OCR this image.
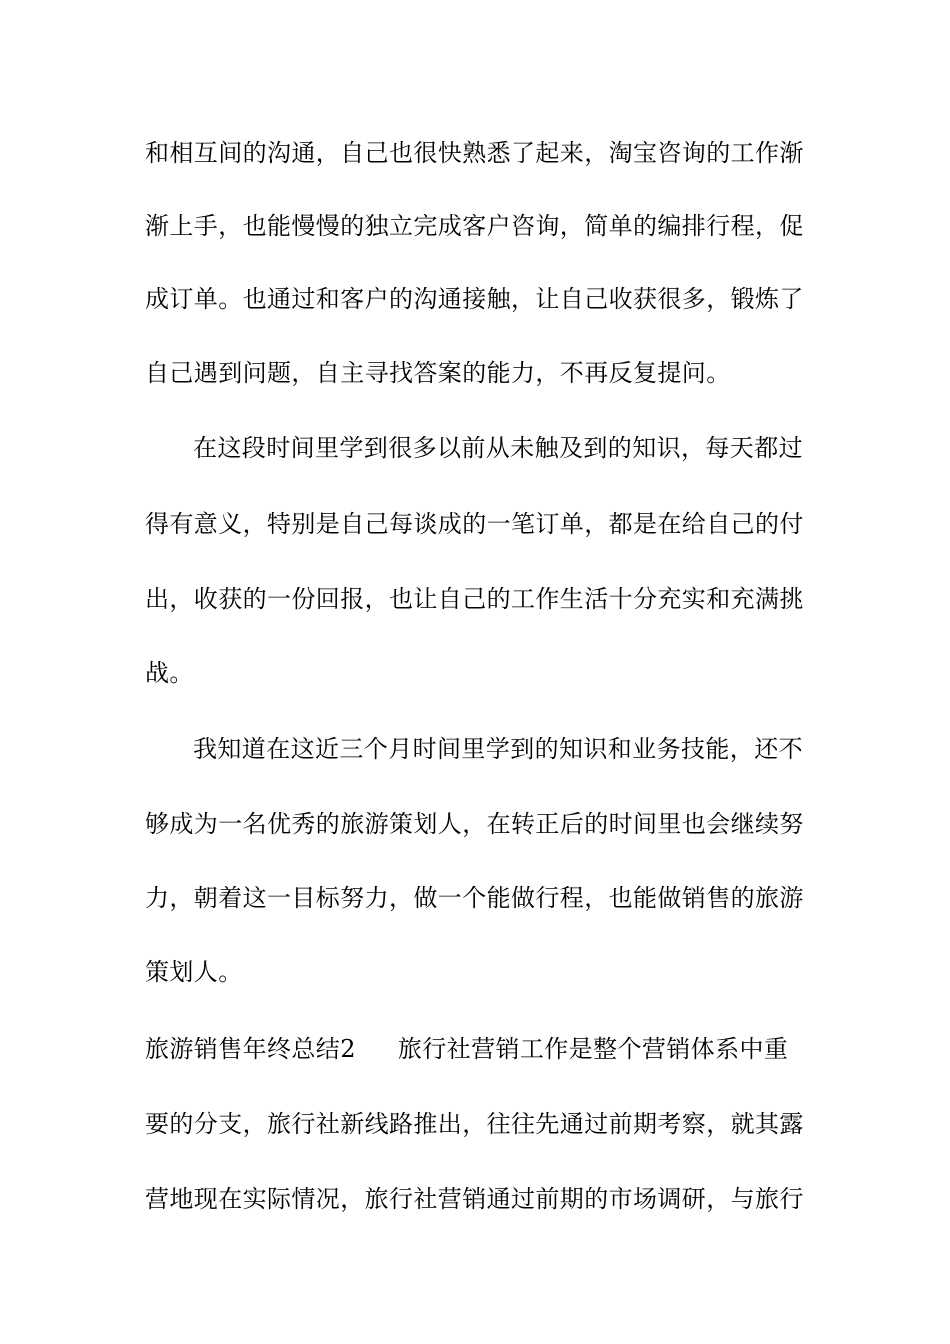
和相互间的沟通，自己也很快熟悉了起来，淘宝咨询的工作渐
渐上手，也能慢慢的独立完成客户咨询，简单的编排行程，促
成订单。也通过和客户的沟通接触，让自己收获很多，锻炼了
自己遇到问题，自主寻找答案的能力，不再反复提问。
在这段时间里学到很多以前从未触及到的知识，每天都过
得有意义，特别是自己每谈成的一笔订单，都是在给自己的付
出，收获的一份回报，也让自己的工作生活十分充实和充满挑
战。
我知道在这近三个月时间里学到的知识和业务技能，还不
够成为一名优秀的旅游策划人，在转正后的时间里也会继续努
力，朝着这一目标努力，做一个能做行程，也能做销售的旅游
策划人。
旅游销售年终总结2 旅行社营销工作是整个营销体系中重
要的分支，旅行社新线路推出，往往先通过前期考察，就其露
营地现在实际情况，旅行社营销通过前期的市场调研，与旅行
